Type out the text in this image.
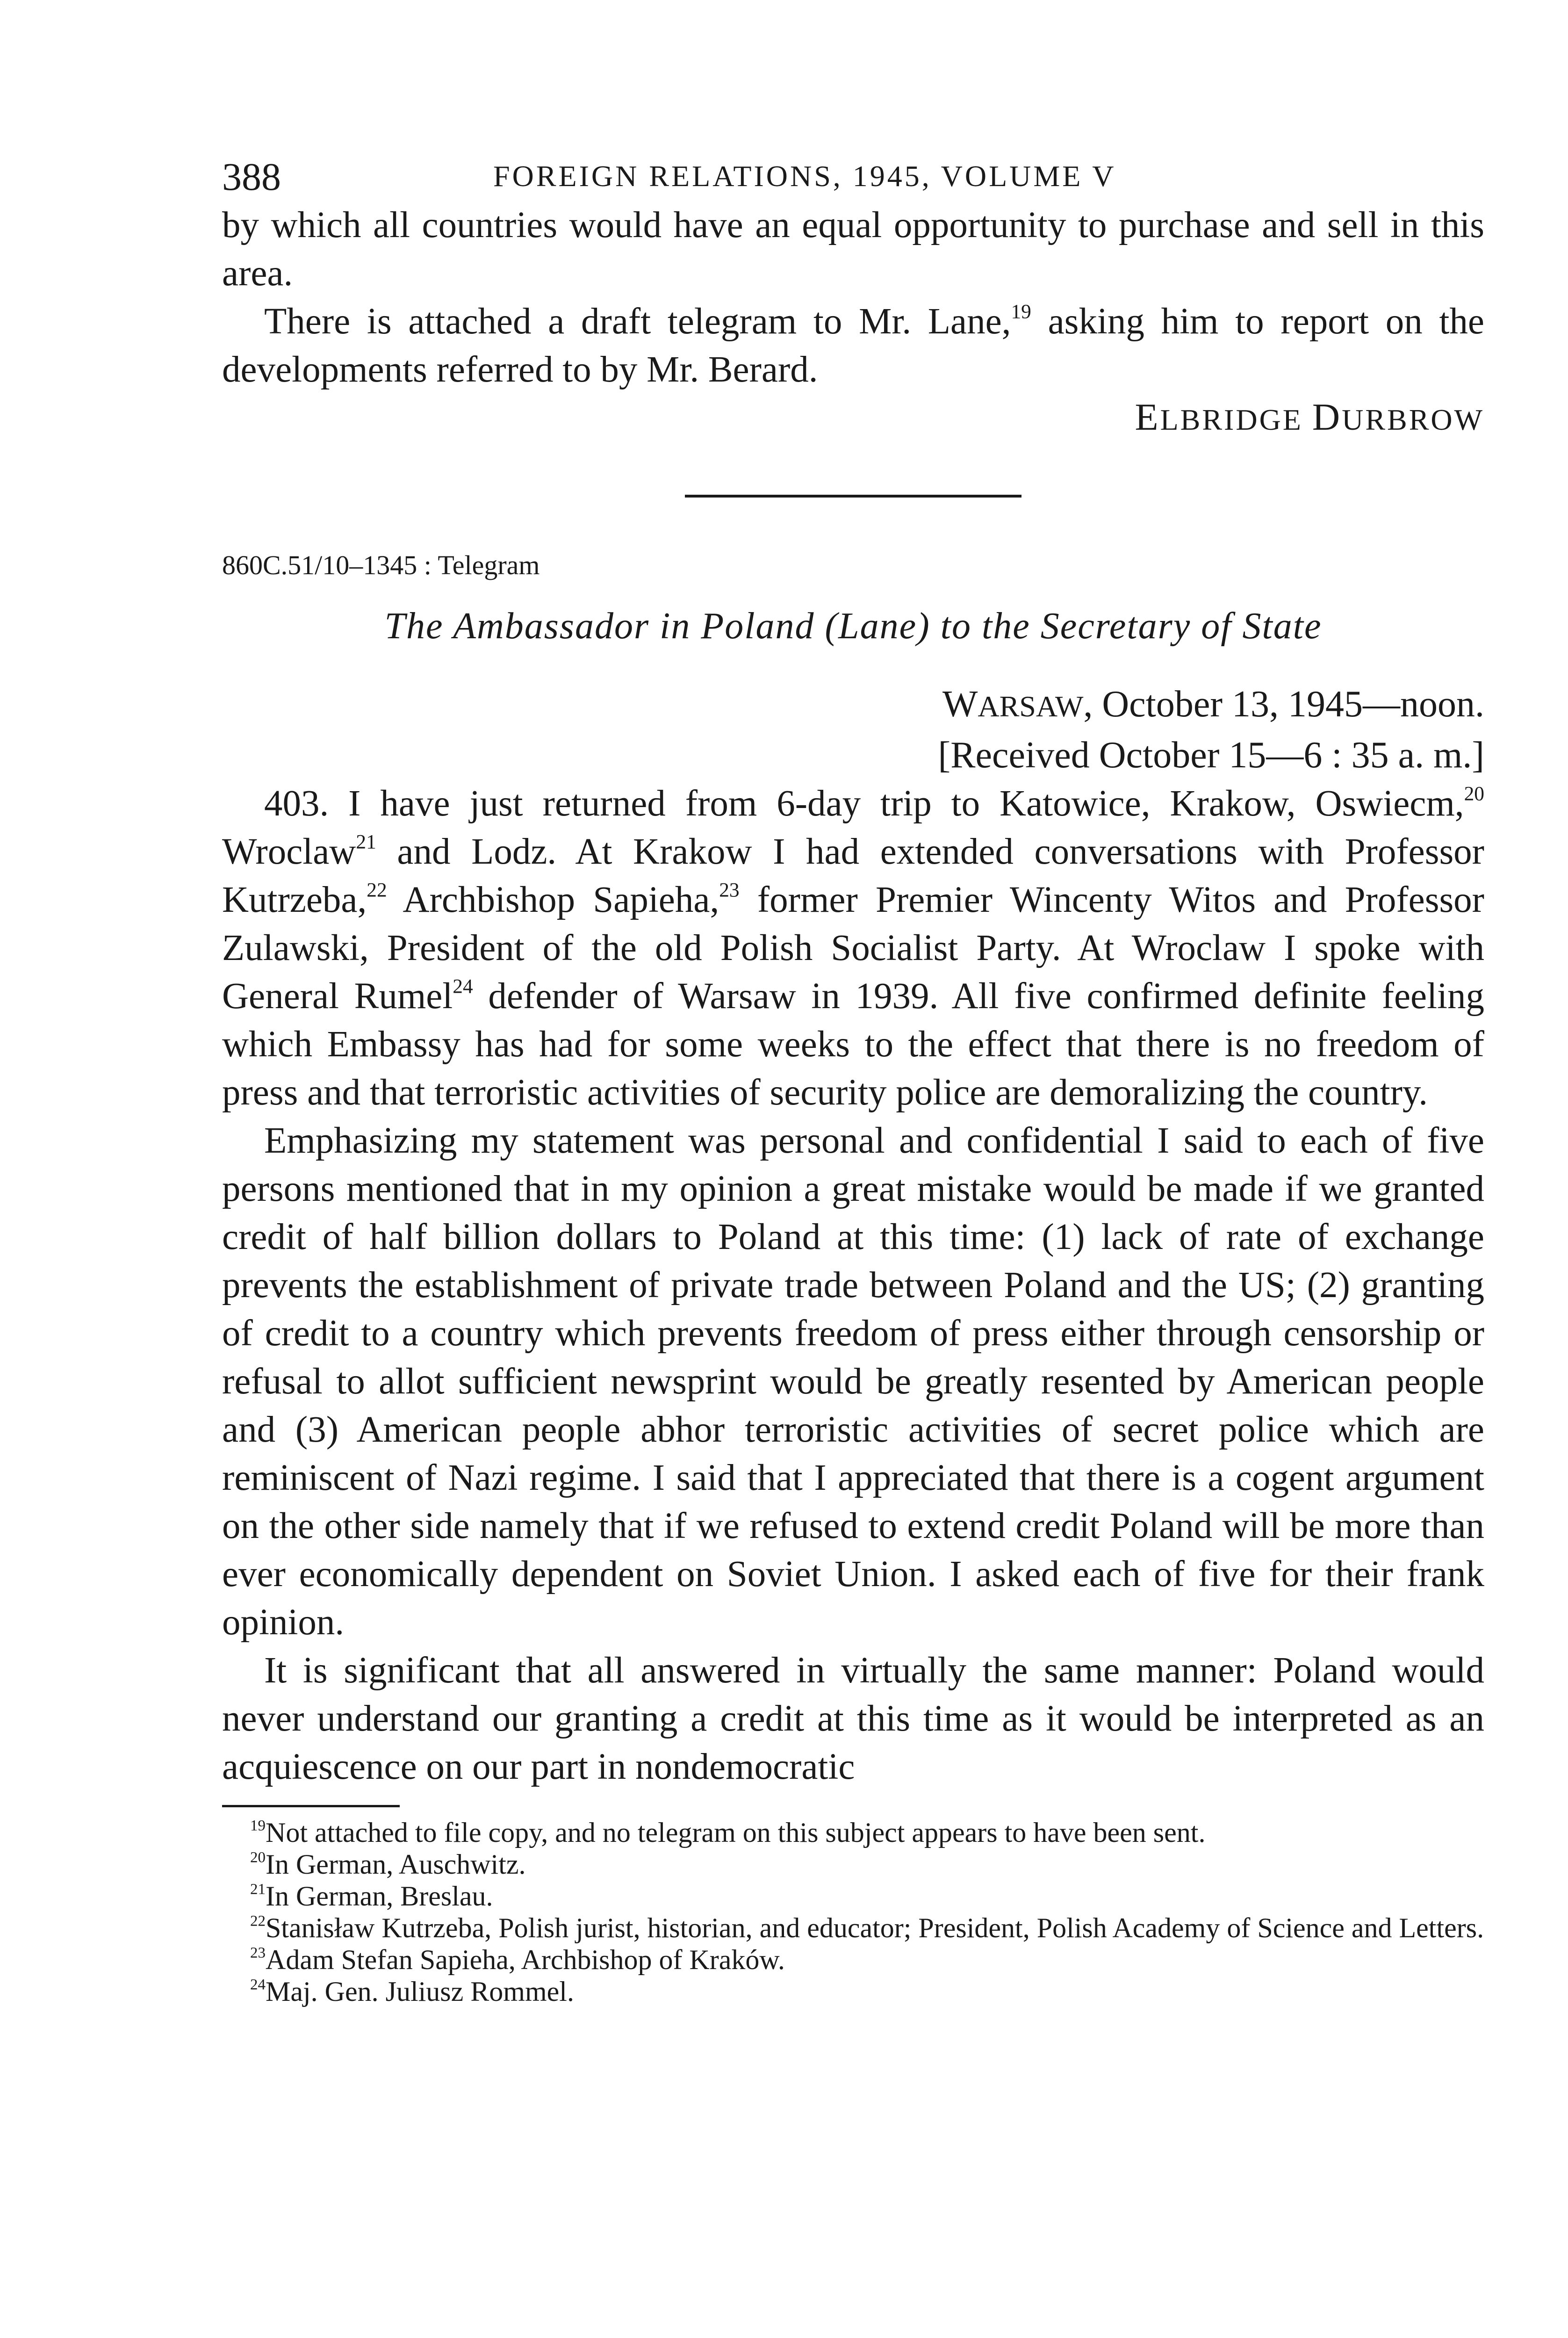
388	FOREIGN RELATIONS, 1945, VOLUME V

by which all countries would have an equal opportunity to purchase and sell in this area.

There is attached a draft telegram to Mr. Lane,$^{19}$ asking him to report on the developments referred to by Mr. Berard.

ELBRIDGE DURBROW
860C.51/10–1345 : Telegram
The Ambassador in Poland (Lane) to the Secretary of State
WARSAW, October 13, 1945—noon.
[Received October 15—6 : 35 a. m.]

403. I have just returned from 6-day trip to Katowice, Krakow, Oswiecm,$^{20}$ Wroclaw$^{21}$ and Lodz. At Krakow I had extended conversations with Professor Kutrzeba,$^{22}$ Archbishop Sapieha,$^{23}$ former Premier Wincenty Witos and Professor Zulawski, President of the old Polish Socialist Party. At Wroclaw I spoke with General Rumel$^{24}$ defender of Warsaw in 1939. All five confirmed definite feeling which Embassy has had for some weeks to the effect that there is no freedom of press and that terroristic activities of security police are demoralizing the country.

Emphasizing my statement was personal and confidential I said to each of five persons mentioned that in my opinion a great mistake would be made if we granted credit of half billion dollars to Poland at this time: (1) lack of rate of exchange prevents the establishment of private trade between Poland and the US; (2) granting of credit to a country which prevents freedom of press either through censorship or refusal to allot sufficient newsprint would be greatly resented by American people and (3) American people abhor terroristic activities of secret police which are reminiscent of Nazi regime. I said that I appreciated that there is a cogent argument on the other side namely that if we refused to extend credit Poland will be more than ever economically dependent on Soviet Union. I asked each of five for their frank opinion.

It is significant that all answered in virtually the same manner: Poland would never understand our granting a credit at this time as it would be interpreted as an acquiescence on our part in nondemocratic

$^{19}$Not attached to file copy, and no telegram on this subject appears to have been sent.

$^{20}$In German, Auschwitz.

$^{21}$In German, Breslau.

$^{22}$Stanisław Kutrzeba, Polish jurist, historian, and educator; President, Polish Academy of Science and Letters.

$^{23}$Adam Stefan Sapieha, Archbishop of Kraków.

$^{24}$Maj. Gen. Juliusz Rommel.
